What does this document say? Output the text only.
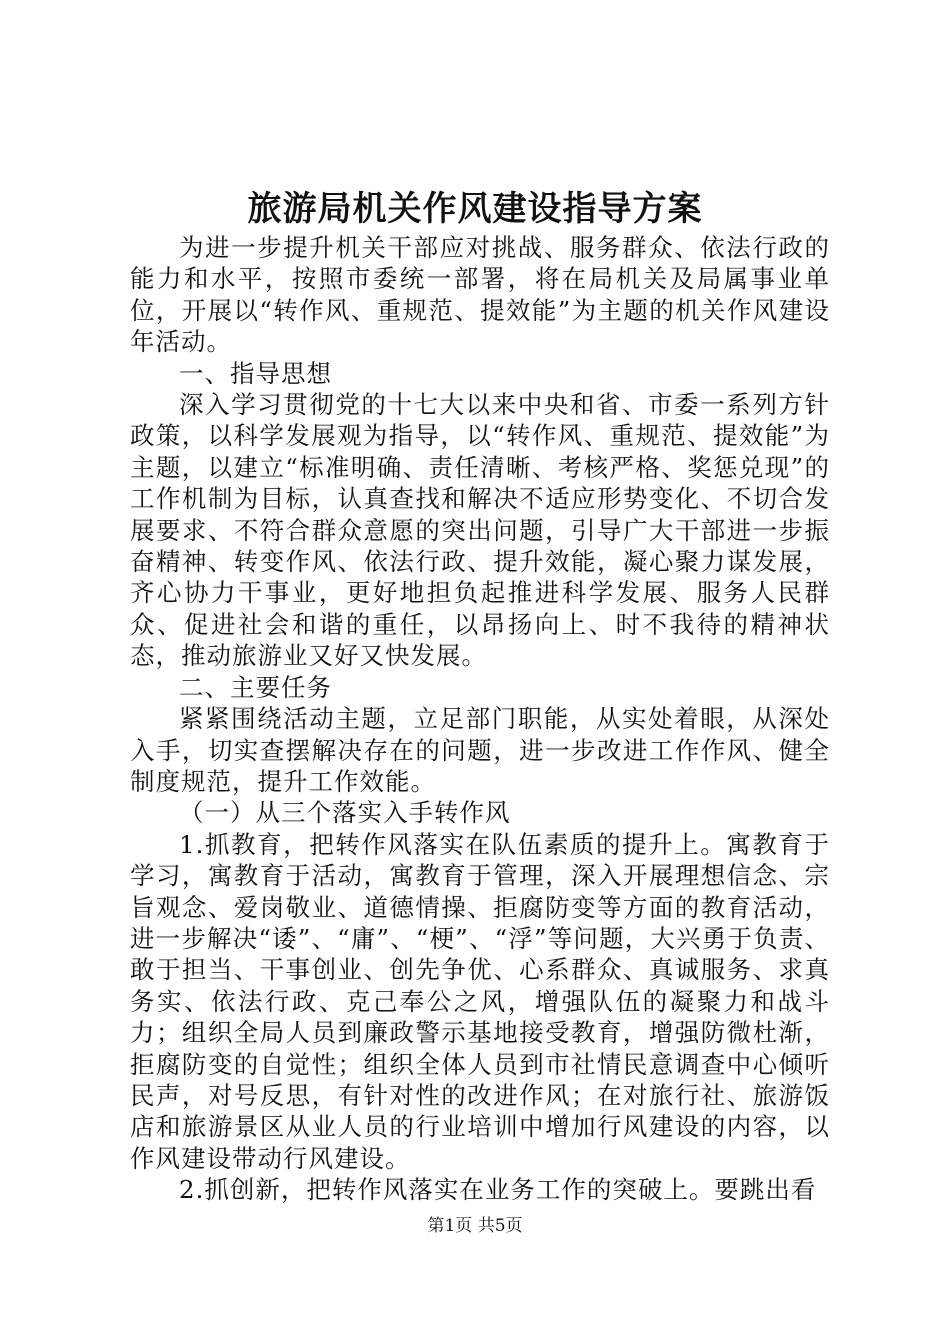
旅游局机关作风建设指导方案

为进一步提升机关干部应对挑战、服务群众、依法行政的能力和水平，按照市委统一部署，将在局机关及局属事业单位，开展以“转作风、重规范、提效能”为主题的机关作风建设年活动。

一、指导思想

深入学习贯彻党的十七大以来中央和省、市委一系列方针政策，以科学发展观为指导，以“转作风、重规范、提效能”为主题，以建立“标准明确、责任清晰、考核严格、奖惩兑现”的工作机制为目标，认真查找和解决不适应形势变化、不切合发展要求、不符合群众意愿的突出问题，引导广大干部进一步振奋精神、转变作风、依法行政、提升效能，凝心聚力谋发展，齐心协力干事业，更好地担负起推进科学发展、服务人民群众、促进社会和谐的重任，以昂扬向上、时不我待的精神状态，推动旅游业又好又快发展。

二、主要任务

紧紧围绕活动主题，立足部门职能，从实处着眼，从深处入手，切实查摆解决存在的问题，进一步改进工作作风、健全制度规范，提升工作效能。

（一）从三个落实入手转作风

1.抓教育，把转作风落实在队伍素质的提升上。寓教育于学习，寓教育于活动，寓教育于管理，深入开展理想信念、宗旨观念、爱岗敬业、道德情操、拒腐防变等方面的教育活动，进一步解决“诿”、“庸”、“梗”、“浮”等问题，大兴勇于负责、敢于担当、干事创业、创先争优、心系群众、真诚服务、求真务实、依法行政、克己奉公之风，增强队伍的凝聚力和战斗力；组织全局人员到廉政警示基地接受教育，增强防微杜渐，拒腐防变的自觉性；组织全体人员到市社情民意调查中心倾听民声，对号反思，有针对性的改进作风；在对旅行社、旅游饭店和旅游景区从业人员的行业培训中增加行风建设的内容，以作风建设带动行风建设。

2.抓创新，把转作风落实在业务工作的突破上。要跳出看

第1页 共5页
